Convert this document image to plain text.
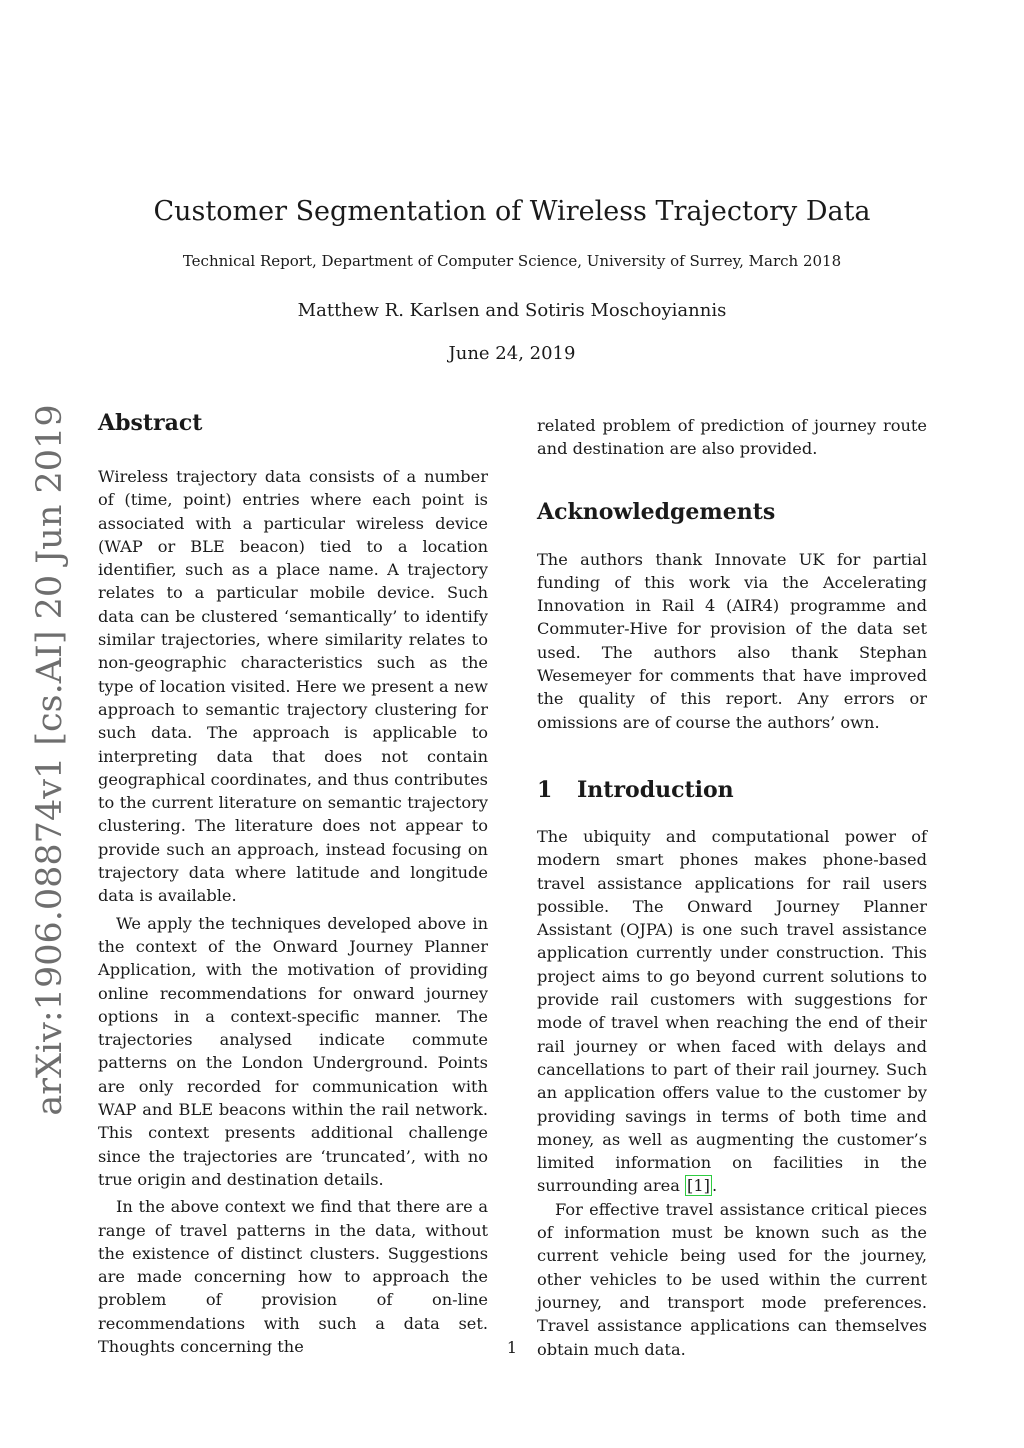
Customer Segmentation of Wireless Trajectory Data
Technical Report, Department of Computer Science, University of Surrey, March 2018
Matthew R. Karlsen and Sotiris Moschoyiannis
June 24, 2019
arXiv:1906.08874v1 [cs.AI] 20 Jun 2019 Abstract

Wireless trajectory data consists of a number of (time, point) entries where each point is associated with a particular wireless device (WAP or BLE beacon) tied to a location identifier, such as a place name. A trajectory relates to a particular mobile device. Such data can be clustered ‘semantically’ to identify similar trajectories, where similarity relates to non-geographic characteristics such as the type of location visited. Here we present a new approach to semantic trajectory clustering for such data. The approach is applicable to interpreting data that does not contain geographical coordinates, and thus contributes to the current literature on semantic trajectory clustering. The literature does not appear to provide such an approach, instead focusing on trajectory data where latitude and longitude data is available.

We apply the techniques developed above in the context of the Onward Journey Planner Application, with the motivation of providing online recommendations for onward journey options in a context-specific manner. The trajectories analysed indicate commute patterns on the London Underground. Points are only recorded for communication with WAP and BLE beacons within the rail network. This context presents additional challenge since the trajectories are ‘truncated’, with no true origin and destination details.

In the above context we find that there are a range of travel patterns in the data, without the existence of distinct clusters. Suggestions are made concerning how to approach the problem of provision of on-line recommendations with such a data set. Thoughts concerning the

related problem of prediction of journey route and destination are also provided.

Acknowledgements

The authors thank Innovate UK for partial funding of this work via the Accelerating Innovation in Rail 4 (AIR4) programme and Commuter-Hive for provision of the data set used. The authors also thank Stephan Wesemeyer for comments that have improved the quality of this report. Any errors or omissions are of course the authors’ own.

1 Introduction

The ubiquity and computational power of modern smart phones makes phone-based travel assistance applications for rail users possible. The Onward Journey Planner Assistant (OJPA) is one such travel assistance application currently under construction. This project aims to go beyond current solutions to provide rail customers with suggestions for mode of travel when reaching the end of their rail journey or when faced with delays and cancellations to part of their rail journey. Such an application offers value to the customer by providing savings in terms of both time and money, as well as augmenting the customer’s limited information on facilities in the surrounding area [1] .

For effective travel assistance critical pieces of information must be known such as the current vehicle being used for the journey, other vehicles to be used within the current journey, and transport mode preferences. Travel assistance applications can themselves obtain much data.

1
